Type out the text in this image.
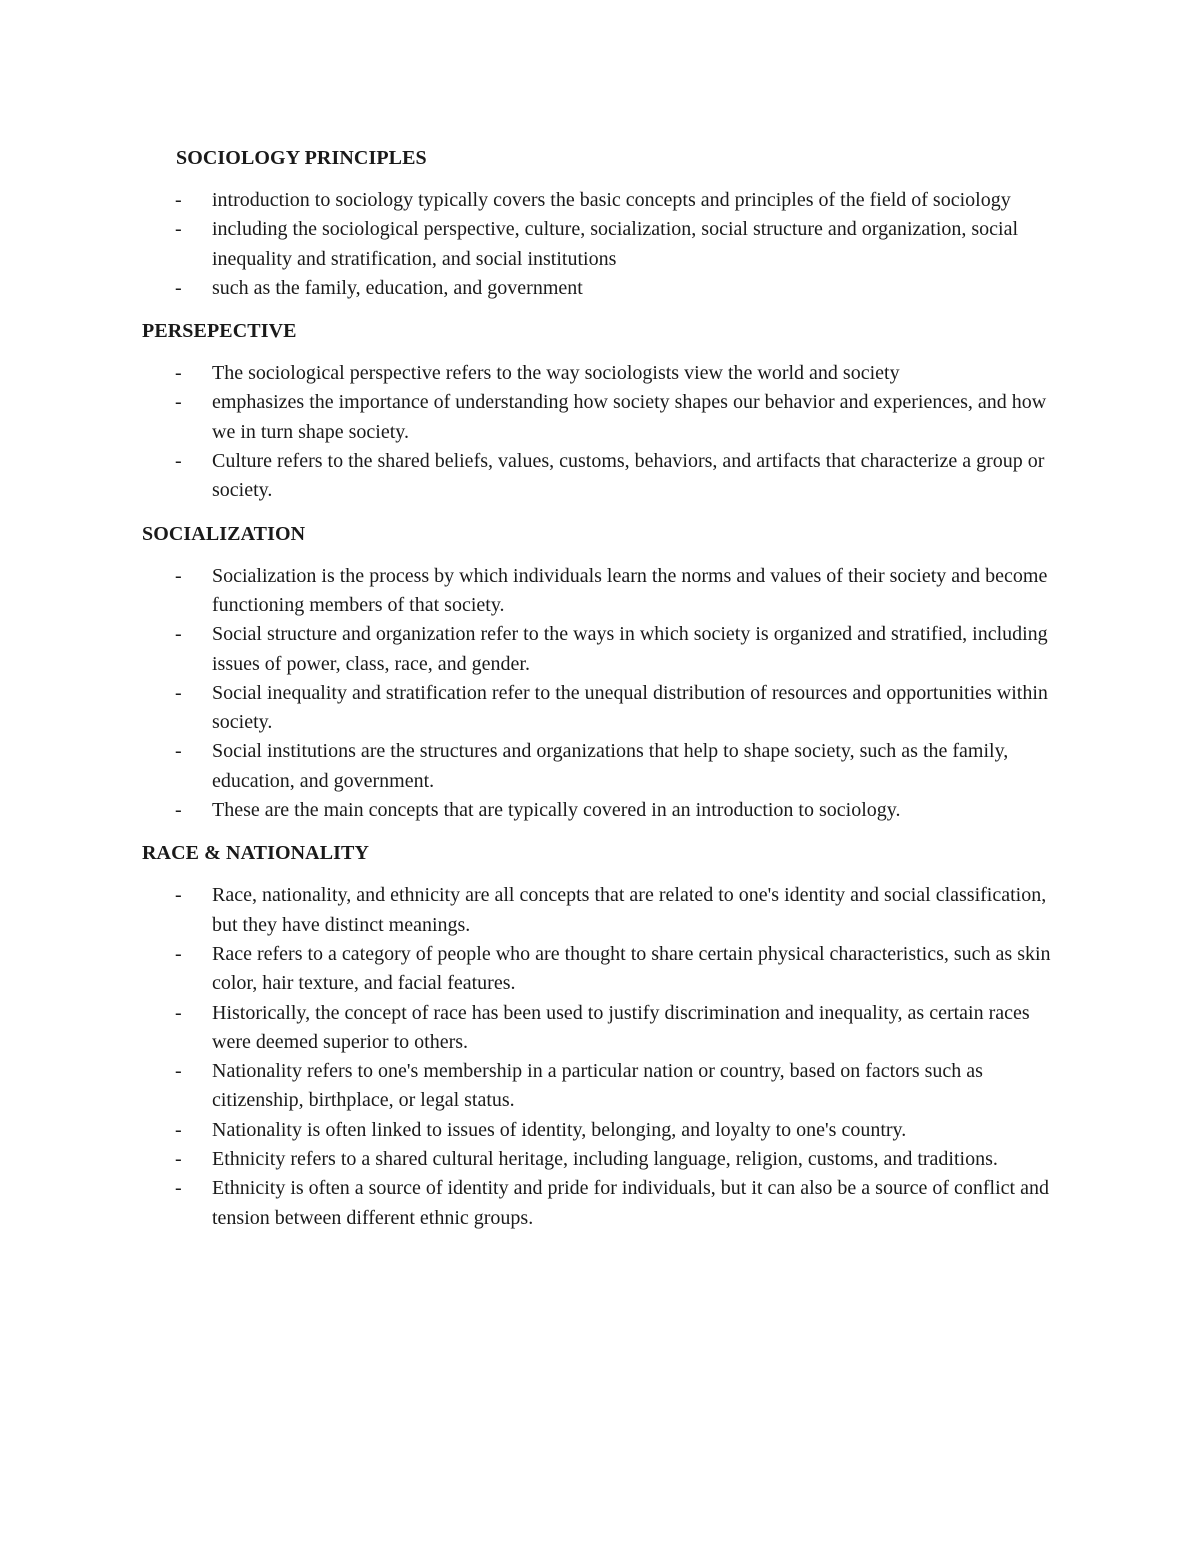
SOCIOLOGY PRINCIPLES
- introduction to sociology typically covers the basic concepts and principles of the field of sociology
- including the sociological perspective, culture, socialization, social structure and organization, social inequality and stratification, and social institutions
- such as the family, education, and government
PERSEPECTIVE
- The sociological perspective refers to the way sociologists view the world and society
- emphasizes the importance of understanding how society shapes our behavior and experiences, and how we in turn shape society.
- Culture refers to the shared beliefs, values, customs, behaviors, and artifacts that characterize a group or society.
SOCIALIZATION
- Socialization is the process by which individuals learn the norms and values of their society and become functioning members of that society.
- Social structure and organization refer to the ways in which society is organized and stratified, including issues of power, class, race, and gender.
- Social inequality and stratification refer to the unequal distribution of resources and opportunities within society.
- Social institutions are the structures and organizations that help to shape society, such as the family, education, and government.
- These are the main concepts that are typically covered in an introduction to sociology.
RACE & NATIONALITY
- Race, nationality, and ethnicity are all concepts that are related to one's identity and social classification, but they have distinct meanings.
- Race refers to a category of people who are thought to share certain physical characteristics, such as skin color, hair texture, and facial features.
- Historically, the concept of race has been used to justify discrimination and inequality, as certain races were deemed superior to others.
- Nationality refers to one's membership in a particular nation or country, based on factors such as citizenship, birthplace, or legal status.
- Nationality is often linked to issues of identity, belonging, and loyalty to one's country.
- Ethnicity refers to a shared cultural heritage, including language, religion, customs, and traditions.
- Ethnicity is often a source of identity and pride for individuals, but it can also be a source of conflict and tension between different ethnic groups.
